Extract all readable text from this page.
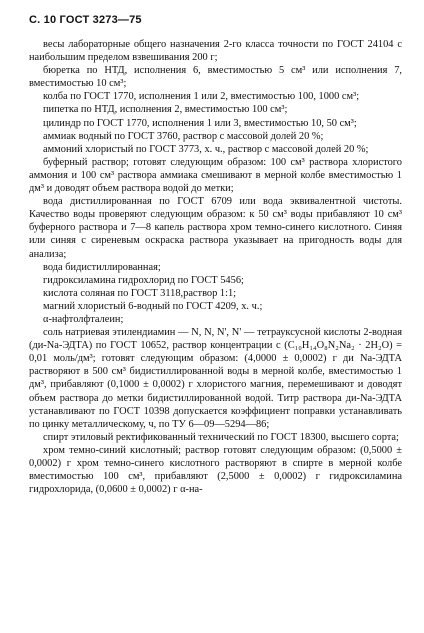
С. 10 ГОСТ 3273—75

весы лабораторные общего назначения 2-го класса точности по ГОСТ 24104 с наибольшим пределом взвешивания 200 г;

бюретка по НТД, исполнения 6, вместимостью 5 см³ или исполнения 7, вместимостью 10 см³;

колба по ГОСТ 1770, исполнения 1 или 2, вместимостью 100, 1000 см³;

пипетка по НТД, исполнения 2, вместимостью 100 см³;

цилиндр по ГОСТ 1770, исполнения 1 или 3, вместимостью 10, 50 см³;

аммиак водный по ГОСТ 3760, раствор с массовой долей 20 %;

аммоний хлористый по ГОСТ 3773, х. ч., раствор с массовой долей 20 %;

буферный раствор; готовят следующим образом: 100 см³ раствора хлористого аммония и 100 см³ раствора аммиака смешивают в мерной колбе вместимостью 1 дм³ и доводят объем раствора водой до метки;

вода дистиллированная по ГОСТ 6709 или вода эквивалентной чистоты. Качество воды проверяют следующим образом: к 50 см³ воды прибавляют 10 см³ буферного раствора и 7—8 капель раствора хром темно-синего кислотного. Синяя или синяя с сиреневым оскраска раствора указывает на пригодность воды для анализа;

вода бидистиллированная;

гидроксиламина гидрохлорид по ГОСТ 5456;

кислота соляная по ГОСТ 3118,раствор 1:1;

магний хлористый 6-водный по ГОСТ 4209, х. ч.;

α-нафтолфталеин;

соль натриевая этилендиамин — N, N, N', N' — тетрауксусной кислоты 2-водная (ди-Na-ЭДТА) по ГОСТ 10652, раствор концентрации c (C₁₀H₁₄O₈N₂Na₂ · 2H₂O) = 0,01 моль/дм³; готовят следующим образом: (4,0000 ± 0,0002) г ди Na-ЭДТА растворяют в 500 см³ бидистиллированной воды в мерной колбе, вместимостью 1 дм³, прибавляют (0,1000 ± 0,0002) г хлористого магния, перемешивают и доводят объем раствора до метки бидистиллированной водой. Титр раствора ди-Na-ЭДТА устанавливают по ГОСТ 10398 допускается коэффициент поправки устанавливать по цинку металлическому, ч, по ТУ 6—09—5294—86;

спирт этиловый ректификованный технический по ГОСТ 18300, высшего сорта;

хром темно-синий кислотный; раствор готовят следующим образом: (0,5000 ± 0,0002) г хром темно-синего кислотного растворяют в спирте в мерной колбе вместимостью 100 см³, прибавляют (2,5000 ± 0,0002) г гидроксиламина гидрохлорида, (0,0600 ± 0,0002) г α-на-
